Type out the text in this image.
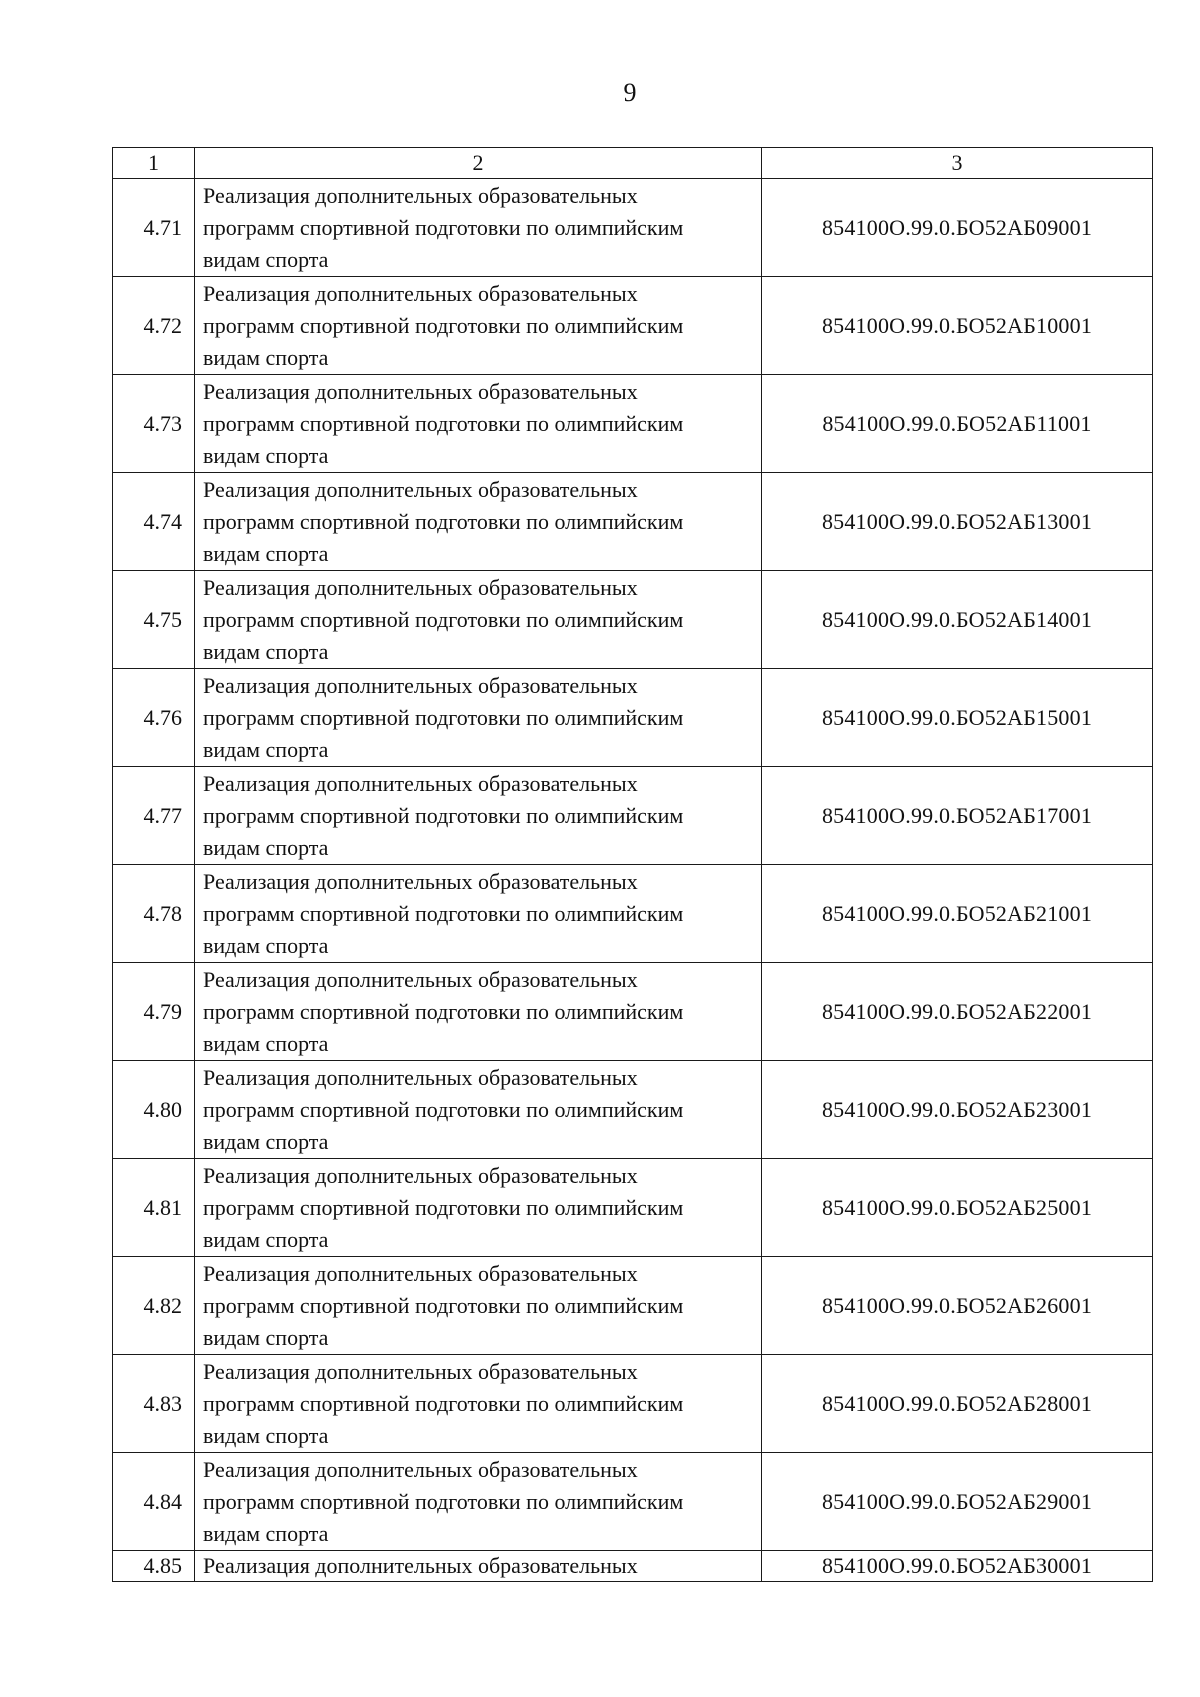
9
1	2	3
4.71	Реализация дополнительных образовательных
программ спортивной подготовки по олимпийским
видам спорта	854100О.99.0.БО52АБ09001
4.72	Реализация дополнительных образовательных
программ спортивной подготовки по олимпийским
видам спорта	854100О.99.0.БО52АБ10001
4.73	Реализация дополнительных образовательных
программ спортивной подготовки по олимпийским
видам спорта	854100О.99.0.БО52АБ11001
4.74	Реализация дополнительных образовательных
программ спортивной подготовки по олимпийским
видам спорта	854100О.99.0.БО52АБ13001
4.75	Реализация дополнительных образовательных
программ спортивной подготовки по олимпийским
видам спорта	854100О.99.0.БО52АБ14001
4.76	Реализация дополнительных образовательных
программ спортивной подготовки по олимпийским
видам спорта	854100О.99.0.БО52АБ15001
4.77	Реализация дополнительных образовательных
программ спортивной подготовки по олимпийским
видам спорта	854100О.99.0.БО52АБ17001
4.78	Реализация дополнительных образовательных
программ спортивной подготовки по олимпийским
видам спорта	854100О.99.0.БО52АБ21001
4.79	Реализация дополнительных образовательных
программ спортивной подготовки по олимпийским
видам спорта	854100О.99.0.БО52АБ22001
4.80	Реализация дополнительных образовательных
программ спортивной подготовки по олимпийским
видам спорта	854100О.99.0.БО52АБ23001
4.81	Реализация дополнительных образовательных
программ спортивной подготовки по олимпийским
видам спорта	854100О.99.0.БО52АБ25001
4.82	Реализация дополнительных образовательных
программ спортивной подготовки по олимпийским
видам спорта	854100О.99.0.БО52АБ26001
4.83	Реализация дополнительных образовательных
программ спортивной подготовки по олимпийским
видам спорта	854100О.99.0.БО52АБ28001
4.84	Реализация дополнительных образовательных
программ спортивной подготовки по олимпийским
видам спорта	854100О.99.0.БО52АБ29001
4.85	Реализация дополнительных образовательных	854100О.99.0.БО52АБ30001
